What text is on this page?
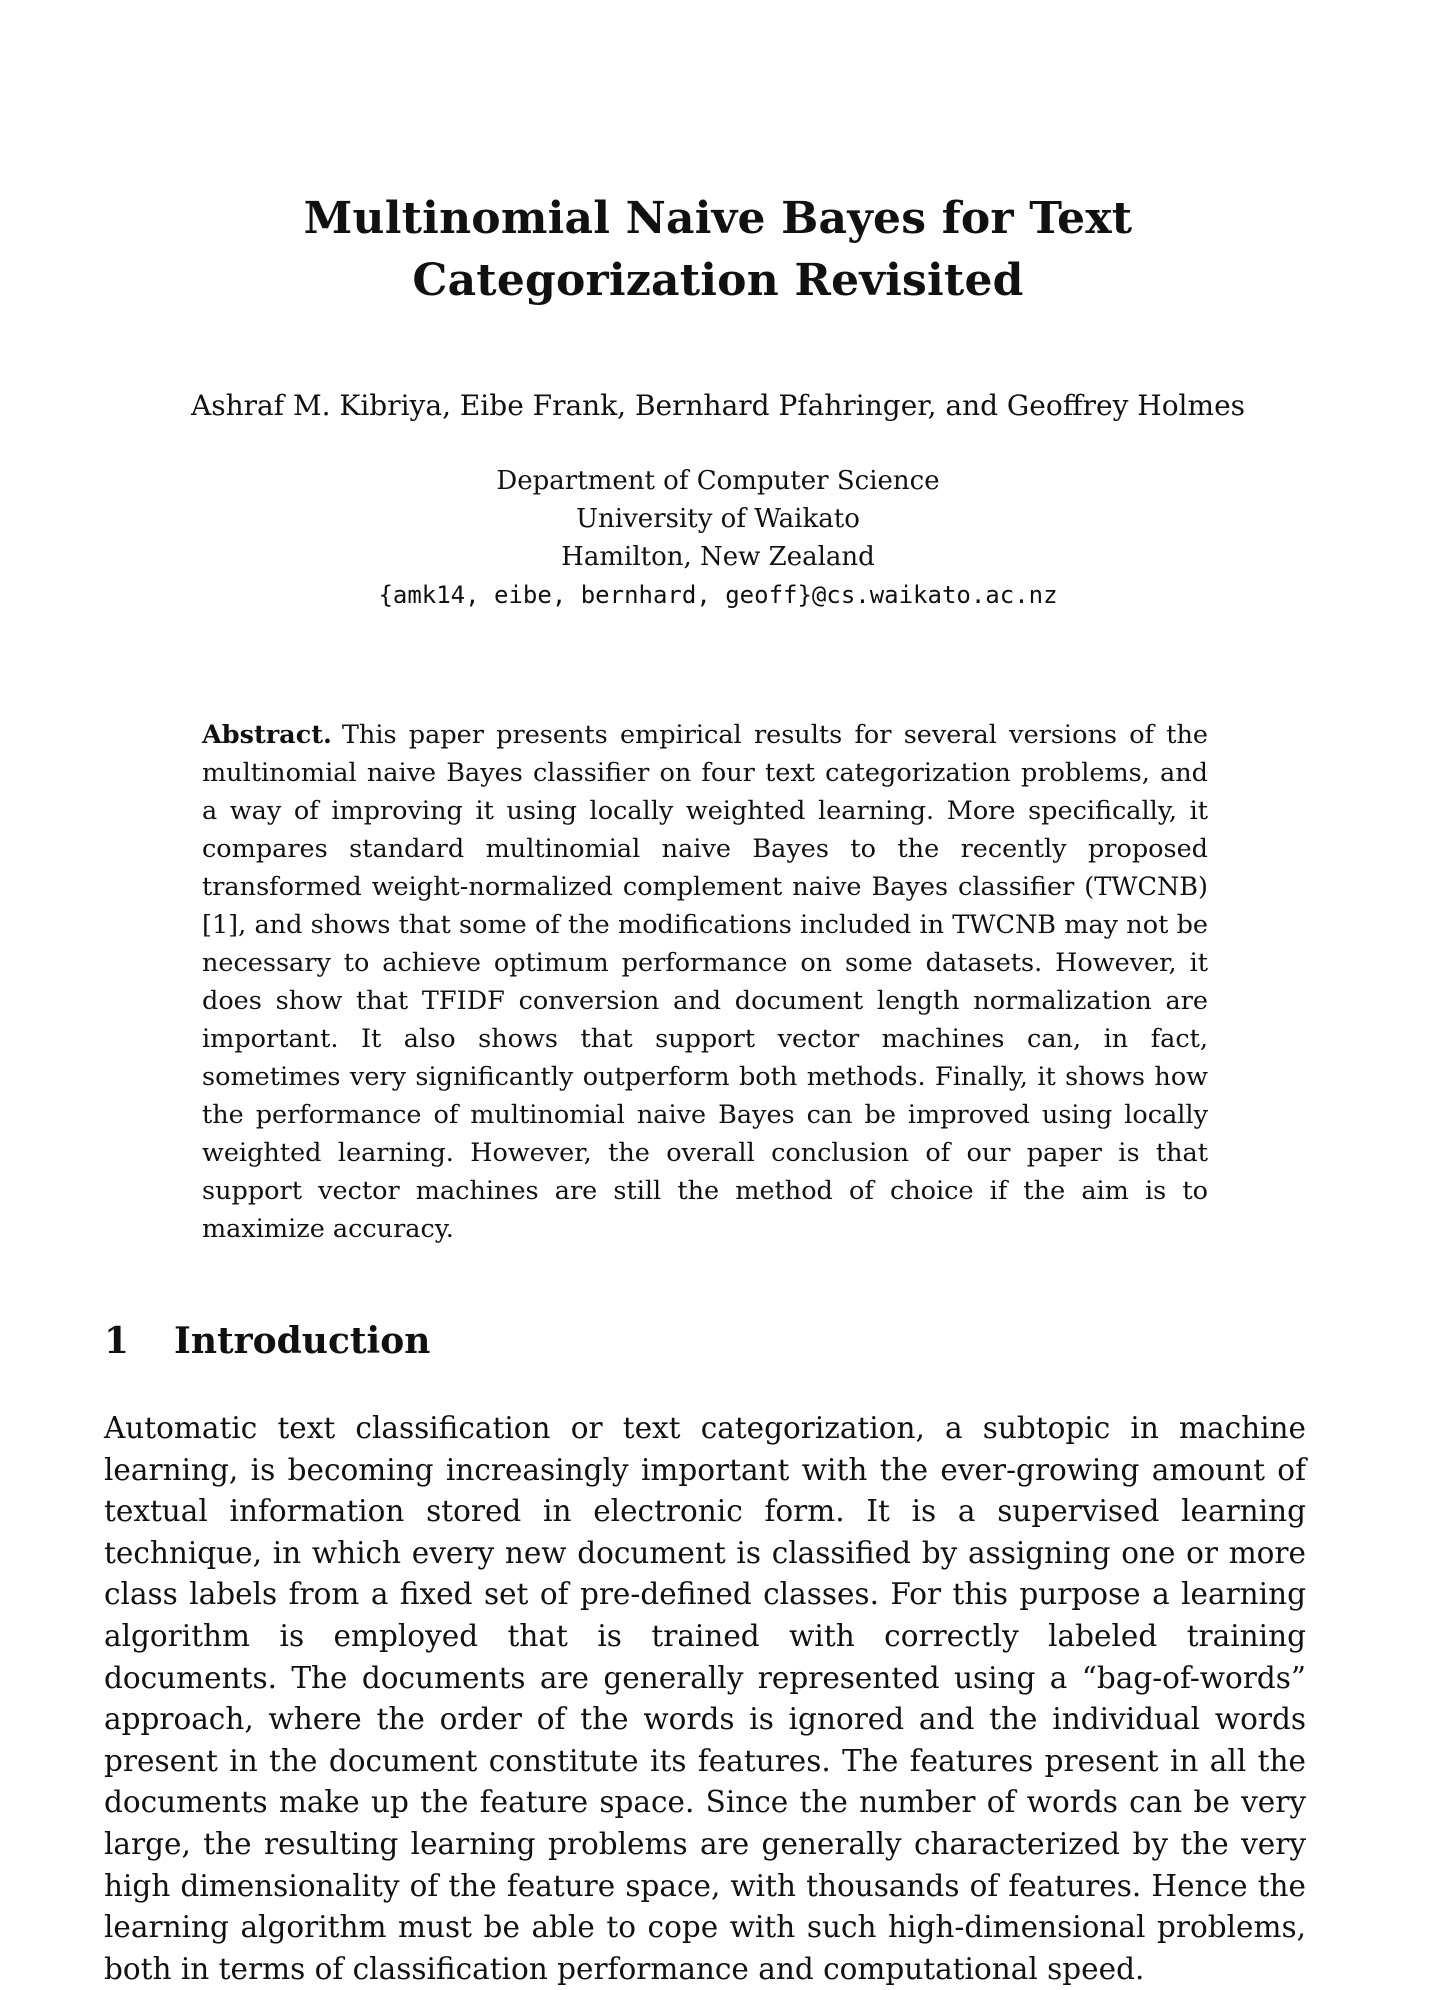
Multinomial Naive Bayes for Text
Categorization Revisited
Ashraf M. Kibriya, Eibe Frank, Bernhard Pfahringer, and Geoffrey Holmes
Department of Computer Science
University of Waikato
Hamilton, New Zealand
{amk14, eibe, bernhard, geoff}@cs.waikato.ac.nz
Abstract. This paper presents empirical results for several versions of the multinomial naive Bayes classifier on four text categorization problems, and a way of improving it using locally weighted learning. More specifically, it compares standard multinomial naive Bayes to the recently proposed transformed weight-normalized complement naive Bayes classifier (TWCNB) [1], and shows that some of the modifications included in TWCNB may not be necessary to achieve optimum performance on some datasets. However, it does show that TFIDF conversion and document length normalization are important. It also shows that support vector machines can, in fact, sometimes very significantly outperform both methods. Finally, it shows how the performance of multinomial naive Bayes can be improved using locally weighted learning. However, the overall conclusion of our paper is that support vector machines are still the method of choice if the aim is to maximize accuracy.
1 Introduction
Automatic text classification or text categorization, a subtopic in machine learning, is becoming increasingly important with the ever-growing amount of textual information stored in electronic form. It is a supervised learning technique, in which every new document is classified by assigning one or more class labels from a fixed set of pre-defined classes. For this purpose a learning algorithm is employed that is trained with correctly labeled training documents. The documents are generally represented using a “bag-of-words” approach, where the order of the words is ignored and the individual words present in the document constitute its features. The features present in all the documents make up the feature space. Since the number of words can be very large, the resulting learning problems are generally characterized by the very high dimensionality of the feature space, with thousands of features. Hence the learning algorithm must be able to cope with such high-dimensional problems, both in terms of classification performance and computational speed.
